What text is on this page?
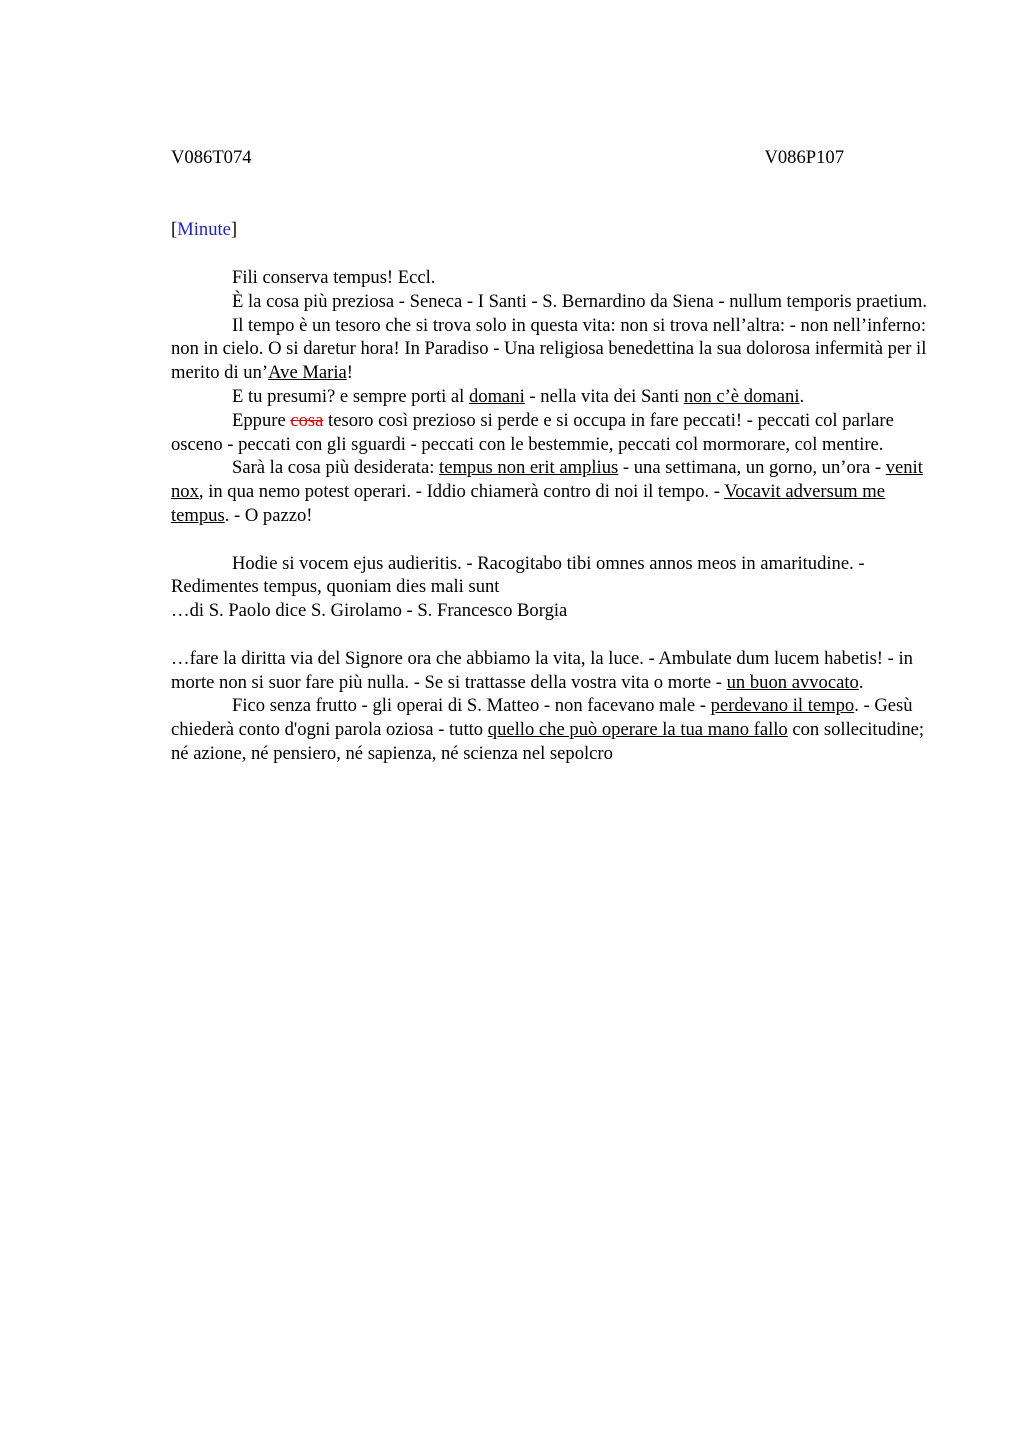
V086T074	V086P107
[Minute]

Fili conserva tempus! Eccl.

È la cosa più preziosa - Seneca - I Santi - S. Bernardino da Siena - nullum temporis praetium.

Il tempo è un tesoro che si trova solo in questa vita: non si trova nell’altra: - non nell’inferno: non in cielo. O si daretur hora! In Paradiso - Una religiosa benedettina la sua dolorosa infermità per il merito di un’Ave Maria!

E tu presumi? e sempre porti al domani - nella vita dei Santi non c’è domani.

Eppure cosa tesoro così prezioso si perde e si occupa in fare peccati! - peccati col parlare osceno - peccati con gli sguardi - peccati con le bestemmie, peccati col mormorare, col mentire.

Sarà la cosa più desiderata: tempus non erit amplius - una settimana, un gorno, un’ora - venit nox, in qua nemo potest operari. - Iddio chiamerà contro di noi il tempo. - Vocavit adversum me tempus. - O pazzo!

Hodie si vocem ejus audieritis. - Racogitabo tibi omnes annos meos in amaritudine. - Redimentes tempus, quoniam dies mali sunt

…di S. Paolo dice S. Girolamo - S. Francesco Borgia

…fare la diritta via del Signore ora che abbiamo la vita, la luce. - Ambulate dum lucem habetis! - in morte non si suor fare più nulla. - Se si trattasse della vostra vita o morte - un buon avvocato.

Fico senza frutto - gli operai di S. Matteo - non facevano male - perdevano il tempo. - Gesù chiederà conto d'ogni parola oziosa - tutto quello che può operare la tua mano fallo con sollecitudine; né azione, né pensiero, né sapienza, né scienza nel sepolcro
